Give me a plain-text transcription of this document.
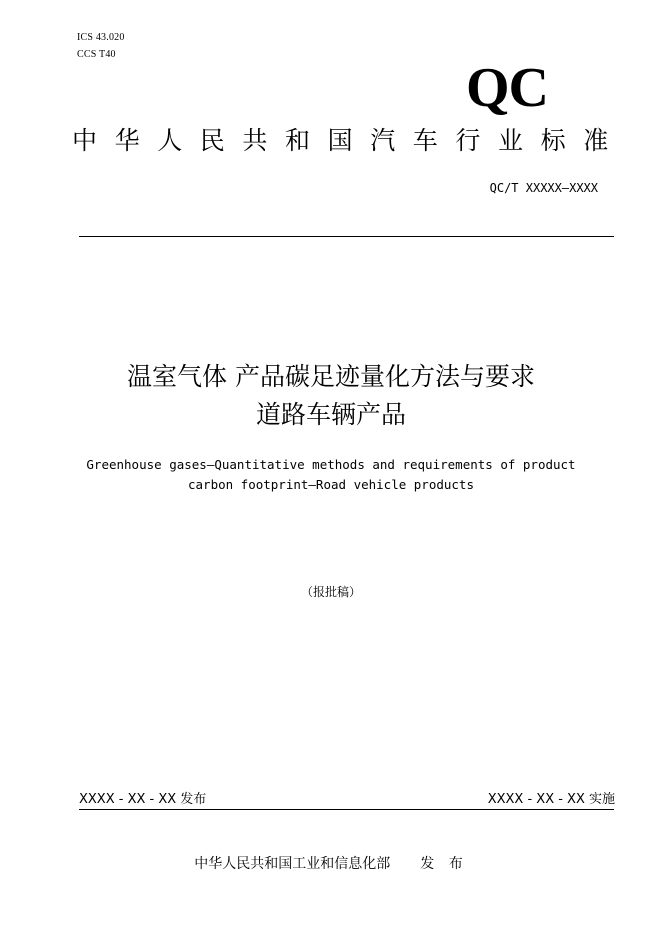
ICS 43.020
CCS T40
QC
中华人民共和国汽车行业标准
QC/T XXXXX—XXXX
温室气体 产品碳足迹量化方法与要求
道路车辆产品
Greenhouse gases—Quantitative methods and requirements of product
carbon footprint—Road vehicle products
（报批稿）
XXXX - XX - XX 发布	XXXX - XX - XX 实施
中华人民共和国工业和信息化部 发 布
